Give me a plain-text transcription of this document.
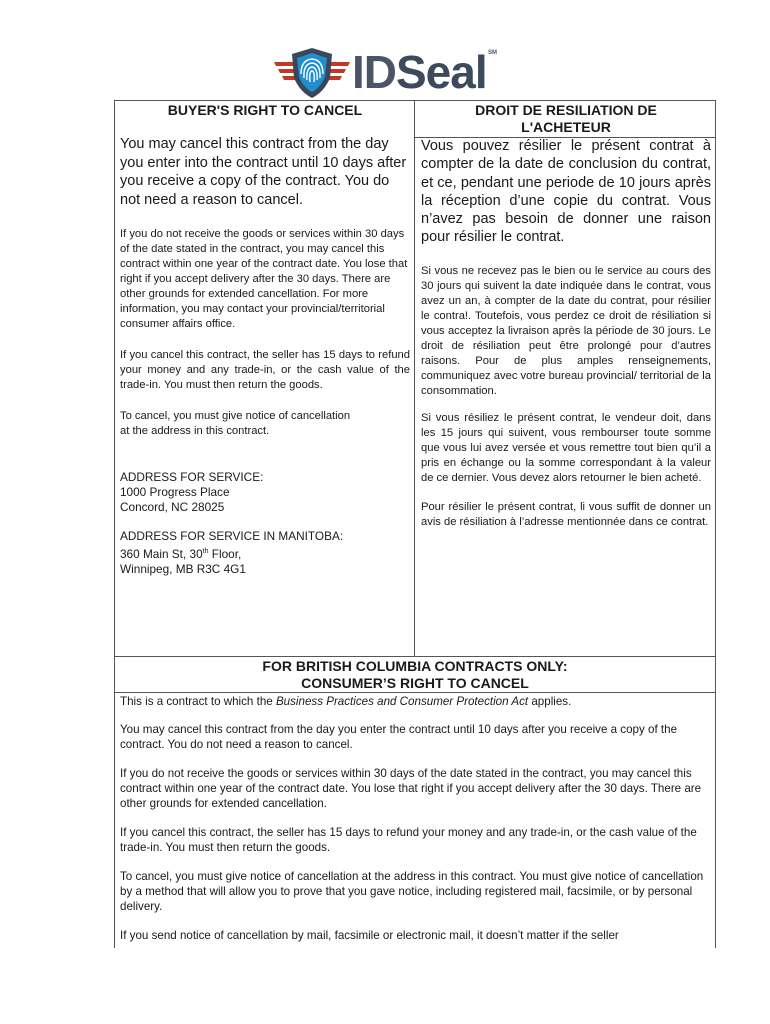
IDSeal SM

BUYER'S RIGHT TO CANCEL

You may cancel this contract from the day you enter into the contract until 10 days after you receive a copy of the contract. You do not need a reason to cancel.

If you do not receive the goods or services within 30 days of the date stated in the contract, you may cancel this contract within one year of the contract date. You lose that right if you accept delivery after the 30 days. There are other grounds for extended cancellation. For more information, you may contact your provincial/territorial consumer affairs office.

If you cancel this contract, the seller has 15 days to refund your money and any trade-in, or the cash value of the trade-in. You must then return the goods.

To cancel, you must give notice of cancellation
at the address in this contract.

ADDRESS FOR SERVICE:
1000 Progress Place
Concord, NC 28025

ADDRESS FOR SERVICE IN MANITOBA:
360 Main St, 30th Floor,
Winnipeg, MB R3C 4G1

DROIT DE RESILIATION DE
L'ACHETEUR

Vous pouvez résilier le présent contrat à compter de la date de conclusion du contrat, et ce, pendant une periode de 10 jours après la réception d’une copie du contrat. Vous n’avez pas besoin de donner une raison pour résilier le contrat.

Si vous ne recevez pas le bien ou le service au cours des 30 jours qui suivent la date indiquée dans le contrat, vous avez un an, à compter de la date du contrat, pour résilier le contra!. Toutefois, vous perdez ce droit de résiliation si vous acceptez la livraison après la période de 30 jours. Le droit de résiliation peut être prolongé pour d’autres raisons. Pour de plus amples renseignements, communiquez avec votre bureau provincial/ territorial de la consommation.

Si vous résiliez le présent contrat, le vendeur doit, dans les 15 jours qui suivent, vous rembourser toute somme que vous lui avez versée et vous remettre tout bien qu’il a pris en échange ou la somme correspondant à la valeur de ce dernier. Vous devez alors retourner le bien acheté.

Pour résilier le présent contrat, li vous suffit de donner un avis de résiliation à l’adresse mentionnée dans ce contrat.

FOR BRITISH COLUMBIA CONTRACTS ONLY:
CONSUMER’S RIGHT TO CANCEL

This is a contract to which the Business Practices and Consumer Protection Act applies.

You may cancel this contract from the day you enter the contract until 10 days after you receive a copy of the contract. You do not need a reason to cancel.

If you do not receive the goods or services within 30 days of the date stated in the contract, you may cancel this contract within one year of the contract date. You lose that right if you accept delivery after the 30 days. There are other grounds for extended cancellation.

If you cancel this contract, the seller has 15 days to refund your money and any trade-in, or the cash value of the trade-in. You must then return the goods.

To cancel, you must give notice of cancellation at the address in this contract. You must give notice of cancellation by a method that will allow you to prove that you gave notice, including registered mail, facsimile, or by personal delivery.

If you send notice of cancellation by mail, facsimile or electronic mail, it doesn’t matter if the seller
